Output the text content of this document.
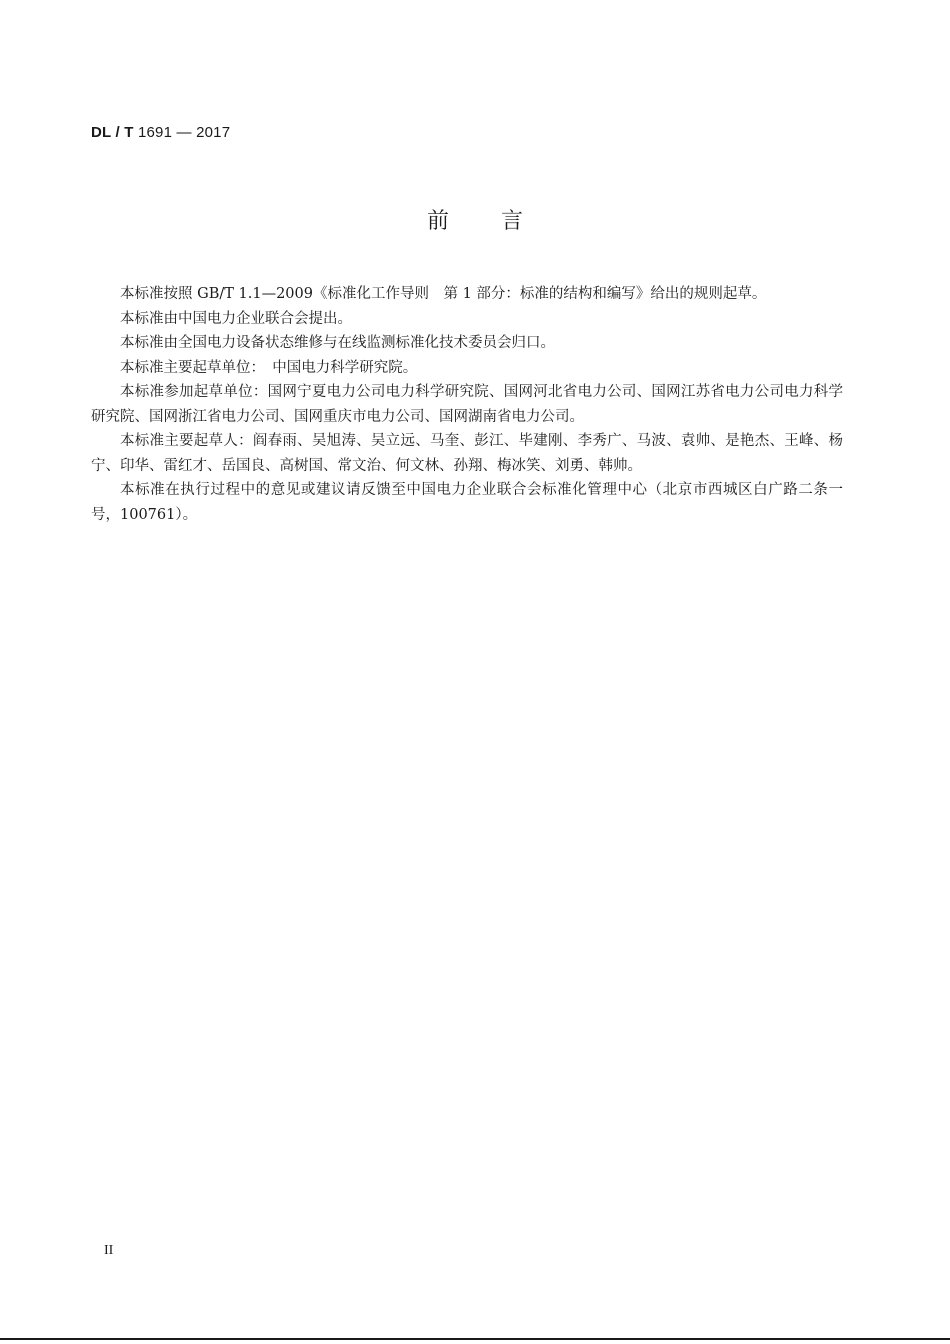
DL / T 1691 — 2017
前言

本标准按照 GB/T 1.1—2009《标准化工作导则　第 1 部分：标准的结构和编写》给出的规则起草。

本标准由中国电力企业联合会提出。

本标准由全国电力设备状态维修与在线监测标准化技术委员会归口。

本标准主要起草单位：　中国电力科学研究院。

本标准参加起草单位：国网宁夏电力公司电力科学研究院、国网河北省电力公司、国网江苏省电力公司电力科学研究院、国网浙江省电力公司、国网重庆市电力公司、国网湖南省电力公司。

本标准主要起草人：阎春雨、吴旭涛、吴立远、马奎、彭江、毕建刚、李秀广、马波、袁帅、是艳杰、王峰、杨宁、印华、雷红才、岳国良、高树国、常文治、何文林、孙翔、梅冰笑、刘勇、韩帅。

本标准在执行过程中的意见或建议请反馈至中国电力企业联合会标准化管理中心（北京市西城区白广路二条一号，100761）。

II
